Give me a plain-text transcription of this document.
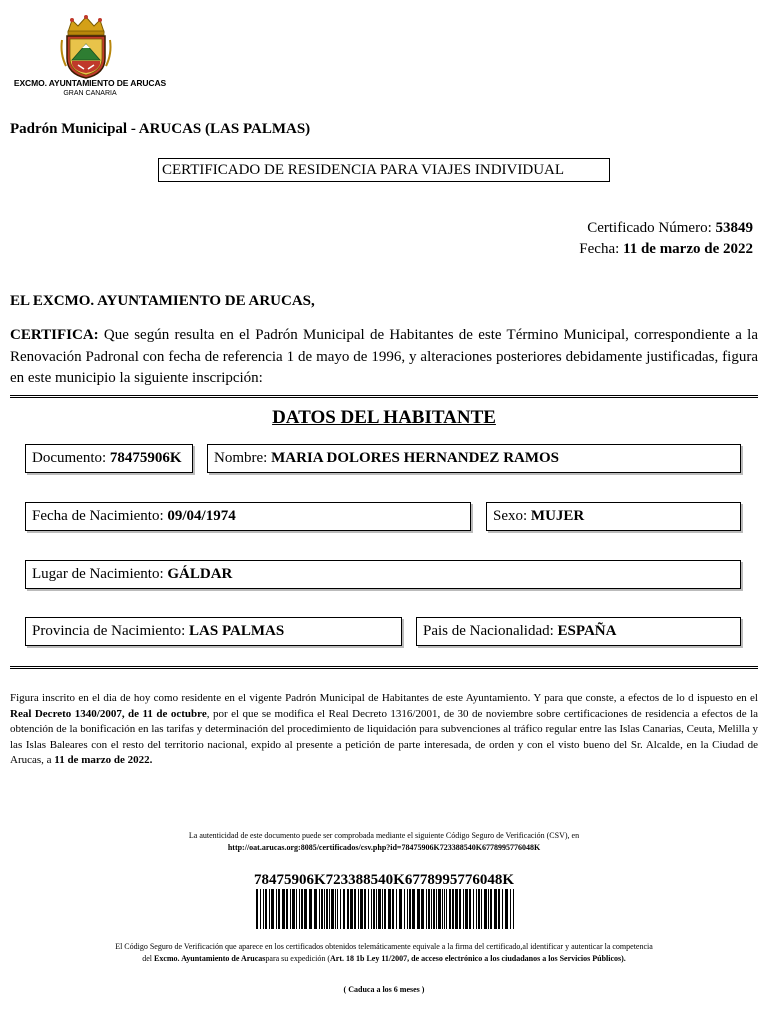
EXCMO. AYUNTAMIENTO DE ARUCAS
GRAN CANARIA
Padrón Municipal - ARUCAS (LAS PALMAS)
CERTIFICADO DE RESIDENCIA PARA VIAJES INDIVIDUAL
Certificado Número: 53849
Fecha: 11 de marzo de 2022
EL EXCMO. AYUNTAMIENTO DE ARUCAS,
CERTIFICA: Que según resulta en el Padrón Municipal de Habitantes de este Término Municipal, correspondiente a la Renovación Padronal con fecha de referencia 1 de mayo de 1996, y alteraciones posteriores debidamente justificadas, figura en este municipio la siguiente inscripción:
DATOS DEL HABITANTE
Documento: 78475906K	Nombre: MARIA DOLORES HERNANDEZ RAMOS
Fecha de Nacimiento: 09/04/1974	Sexo: MUJER
Lugar de Nacimiento: GÁLDAR
Provincia de Nacimiento: LAS PALMAS	Pais de Nacionalidad: ESPAÑA
Figura inscrito en el dia de hoy como residente en el vigente Padrón Municipal de Habitantes de este Ayuntamiento. Y para que conste, a efectos de lo d ispuesto en el Real Decreto 1340/2007, de 11 de octubre, por el que se modifica el Real Decreto 1316/2001, de 30 de noviembre sobre certificaciones de residencia a efectos de la obtención de la bonificación en las tarifas y determinación del procedimiento de liquidación para subvenciones al tráfico regular entre las Islas Canarias, Ceuta, Melilla y las Islas Baleares con el resto del territorio nacional, expido al presente a petición de parte interesada, de orden y con el visto bueno del Sr. Alcalde, en la Ciudad de Arucas, a 11 de marzo de 2022.
La autenticidad de este documento puede ser comprobada mediante el siguiente Código Seguro de Verificación (CSV), en
http://oat.arucas.org:8085/certificados/csv.php?id=78475906K723388540K6778995776048K
78475906K723388540K6778995776048K
El Código Seguro de Verificación que aparece en los certificados obtenidos telemáticamente equivale a la firma del certificado,al identificar y autenticar la competencia
del Excmo. Ayuntamiento de Arucaspara su expedición (Art. 18 1b Ley 11/2007, de acceso electrónico a los ciudadanos a los Servicios Públicos).
( Caduca a los 6 meses )
